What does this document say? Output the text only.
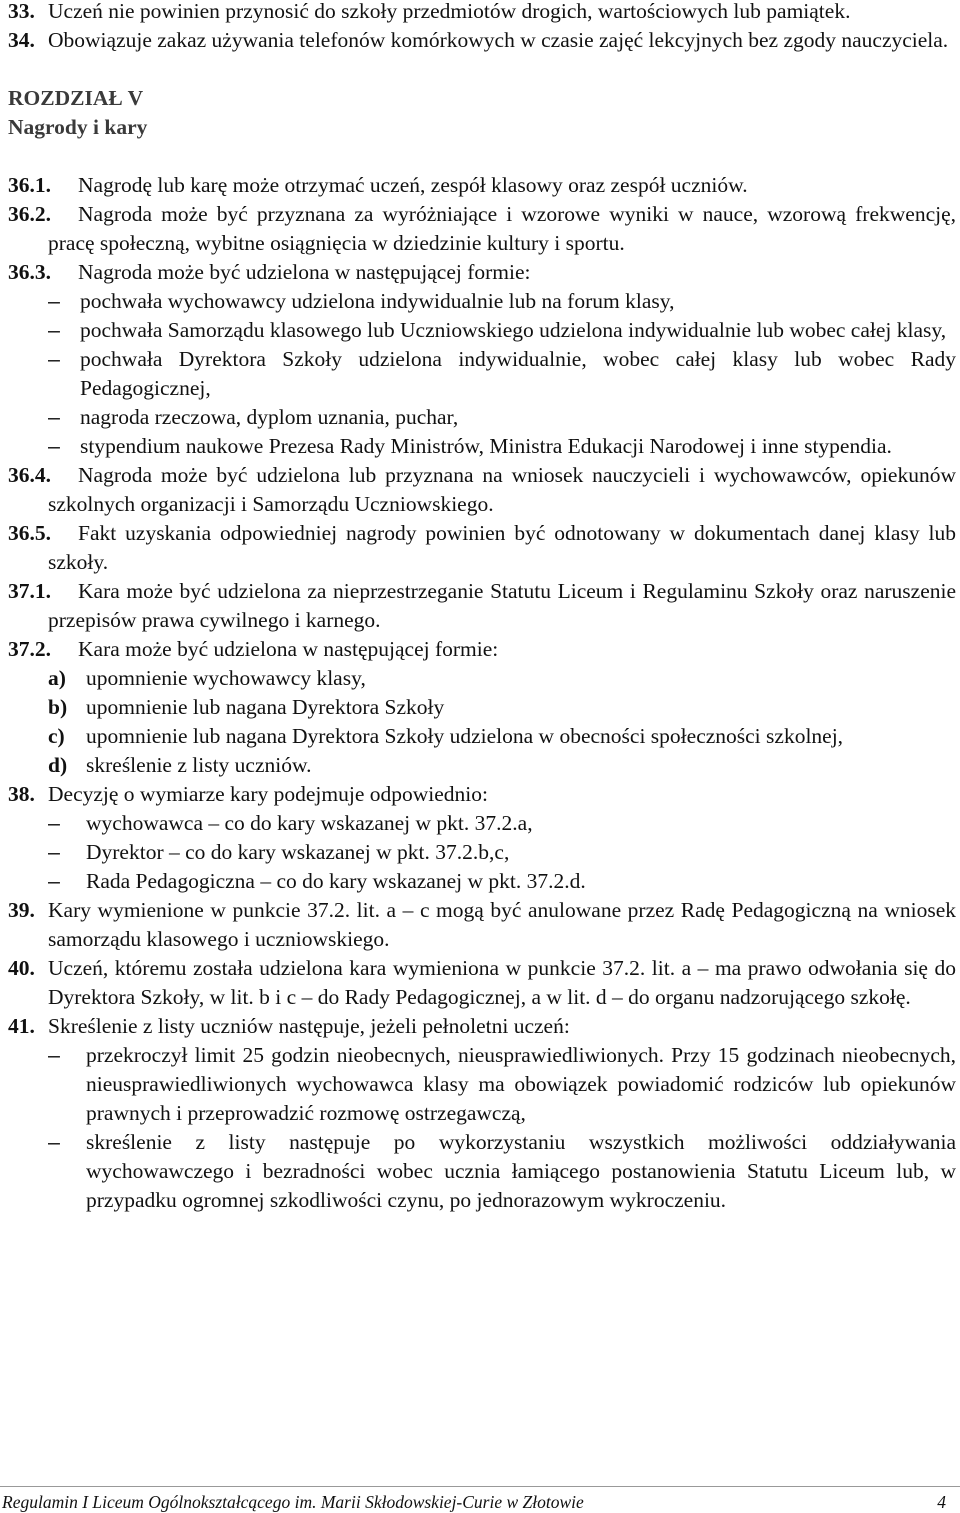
33. Uczeń nie powinien przynosić do szkoły przedmiotów drogich, wartościowych lub pamiątek.
34. Obowiązuje zakaz używania telefonów komórkowych w czasie zajęć lekcyjnych bez zgody nauczyciela.
ROZDZIAŁ V
Nagrody i kary
36.1.	Nagrodę lub karę może otrzymać uczeń, zespół klasowy oraz zespół uczniów.
36.2.	Nagroda może być przyznana za wyróżniające i wzorowe wyniki w nauce, wzorową frekwencję, pracę społeczną, wybitne osiągnięcia w dziedzinie kultury i sportu.
36.3.	Nagroda może być udzielona w następującej formie:
– pochwała wychowawcy udzielona indywidualnie lub na forum klasy,
– pochwała Samorządu klasowego lub Uczniowskiego udzielona indywidualnie lub wobec całej klasy,
– pochwała Dyrektora Szkoły udzielona indywidualnie, wobec całej klasy lub wobec Rady Pedagogicznej,
– nagroda rzeczowa, dyplom uznania, puchar,
– stypendium naukowe Prezesa Rady Ministrów, Ministra Edukacji Narodowej i inne stypendia.
36.4.	Nagroda może być udzielona lub przyznana na wniosek nauczycieli i wychowawców, opiekunów szkolnych organizacji i Samorządu Uczniowskiego.
36.5.	Fakt uzyskania odpowiedniej nagrody powinien być odnotowany w dokumentach danej klasy lub szkoły.
37.1.	Kara może być udzielona za nieprzestrzeganie Statutu Liceum i Regulaminu Szkoły oraz naruszenie przepisów prawa cywilnego i karnego.
37.2.	Kara może być udzielona w następującej formie:
a) upomnienie wychowawcy klasy,
b) upomnienie lub nagana Dyrektora Szkoły
c) upomnienie lub nagana Dyrektora Szkoły udzielona w obecności społeczności szkolnej,
d) skreślenie z listy uczniów.
38. Decyzję o wymiarze kary podejmuje odpowiednio:
–	wychowawca – co do kary wskazanej w pkt. 37.2.a,
–	Dyrektor – co do kary wskazanej w pkt. 37.2.b,c,
–	Rada Pedagogiczna – co do kary wskazanej w pkt. 37.2.d.
39. Kary wymienione w punkcie 37.2. lit. a – c mogą być anulowane przez Radę Pedagogiczną na wniosek samorządu klasowego i uczniowskiego.
40. Uczeń, któremu została udzielona kara wymieniona w punkcie 37.2. lit. a – ma prawo odwołania się do Dyrektora Szkoły, w lit. b i c – do Rady Pedagogicznej, a w lit. d – do organu nadzorującego szkołę.
41. Skreślenie z listy uczniów następuje, jeżeli pełnoletni uczeń:
–	przekroczył limit 25 godzin nieobecnych, nieusprawiedliwionych. Przy 15 godzinach nieobecnych, nieusprawiedliwionych wychowawca klasy ma obowiązek powiadomić rodziców lub opiekunów prawnych i przeprowadzić rozmowę ostrzegawczą,
–	skreślenie z listy następuje po wykorzystaniu wszystkich możliwości oddziaływania wychowawczego i bezradności wobec ucznia łamiącego postanowienia Statutu Liceum lub, w przypadku ogromnej szkodliwości czynu, po jednorazowym wykroczeniu.
Regulamin I Liceum Ogólnokształcącego im. Marii Skłodowskiej-Curie w Złotowie	4
